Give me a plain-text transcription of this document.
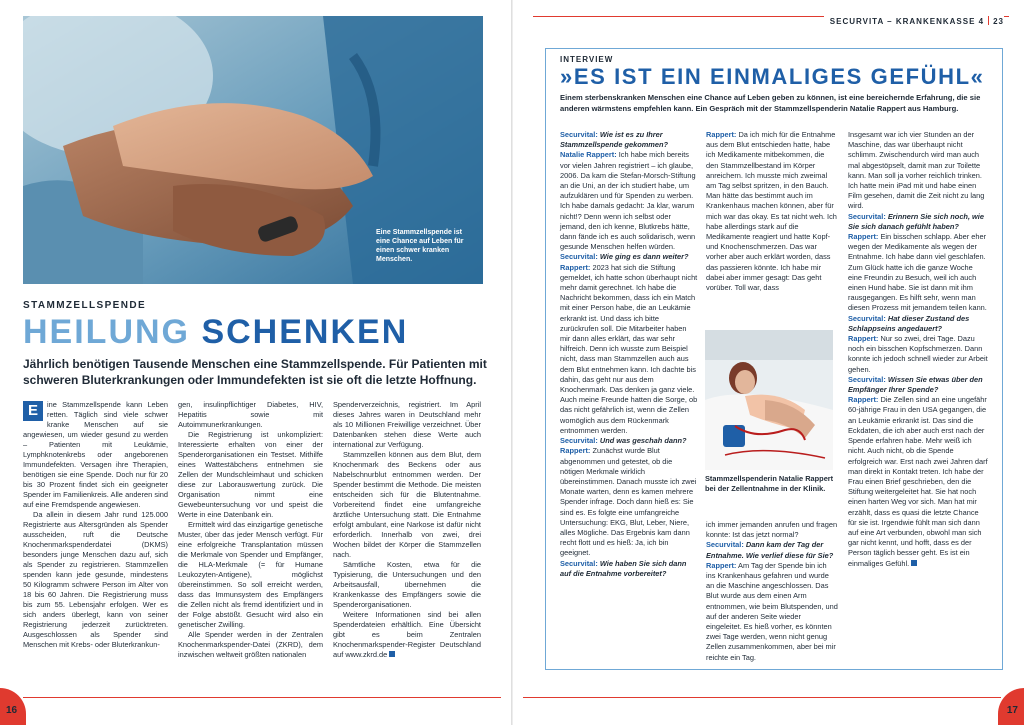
SECURVITA – KRANKENKASSE 4 23
Eine Stammzellspende ist eine Chance auf Leben für einen schwer kranken Menschen.
STAMMZELLSPENDE
HEILUNG SCHENKEN
Jährlich benötigen Tausende Menschen eine Stammzellspende. Für Patienten mit schweren Bluterkrankungen oder Immundefekten ist sie oft die letzte Hoffnung.

E	ine Stammzellspende kann Leben retten. Täglich sind viele schwer kranke Menschen auf sie angewiesen, um wieder gesund zu werden – Patienten mit Leukämie, Lymphknotenkrebs oder angeborenen Immundefekten. Versagen ihre Therapien, benötigen sie eine Spende. Doch nur für 20 bis 30 Prozent findet sich ein geeigneter Spender im Familienkreis. Alle anderen sind auf eine Fremdspende angewiesen.

Da allein in diesem Jahr rund 125.000 Registrierte aus Altersgründen als Spender ausscheiden, ruft die Deutsche Knochenmarkspenderdatei (DKMS) besonders junge Menschen dazu auf, sich als Spender zu registrieren. Stammzellen spenden kann jede gesunde, mindestens 50 Kilogramm schwere Person im Alter von 18 bis 60 Jahren. Die Registrierung muss bis zum 55. Lebensjahr erfolgen. Wer es sich anders überlegt, kann von seiner Registrierung jederzeit zurücktreten. Ausgeschlossen als Spender sind Menschen mit Krebs- oder Bluterkrankun-

gen, insulinpflichtiger Diabetes, HIV, Hepatitis sowie mit Autoimmunerkrankungen.

Die Registrierung ist unkompliziert: Interessierte erhalten von einer der Spenderorganisationen ein Testset. Mithilfe eines Wattestäbchens entnehmen sie Zellen der Mundschleimhaut und schicken diese zur Laborauswertung zurück. Die Organisation nimmt eine Gewebeuntersuchung vor und speist die Werte in eine Datenbank ein.

Ermittelt wird das einzigartige genetische Muster, über das jeder Mensch verfügt. Für eine erfolgreiche Transplantation müssen die Merkmale von Spender und Empfänger, die HLA-Merkmale (= für Humane Leukozyten-Antigene), möglichst übereinstimmen. So soll erreicht werden, dass das Immunsystem des Empfängers die Zellen nicht als fremd identifiziert und in der Folge abstößt. Gesucht wird also ein genetischer Zwilling.

Alle Spender werden in der Zentralen Knochenmarkspender-Datei (ZKRD), dem inzwischen weltweit größten nationalen

Spenderverzeichnis, registriert. Im April dieses Jahres waren in Deutschland mehr als 10 Millionen Freiwillige verzeichnet. Über Datenbanken stehen diese Werte auch international zur Verfügung.

Stammzellen können aus dem Blut, dem Knochenmark des Beckens oder aus Nabelschnurblut entnommen werden. Der Spender bestimmt die Methode. Die meisten entscheiden sich für die Blutentnahme. Vorbereitend findet eine umfangreiche ärztliche Untersuchung statt. Die Entnahme erfolgt ambulant, eine Narkose ist dafür nicht erforderlich. Innerhalb von zwei, drei Wochen bildet der Körper die Stammzellen nach.

Sämtliche Kosten, etwa für die Typisierung, die Untersuchungen und den Arbeitsausfall, übernehmen die Krankenkasse des Empfängers sowie die Spenderorganisationen.

Weitere Informationen sind bei allen Spenderdateien erhältlich. Eine Übersicht gibt es beim Zentralen Knochenmarkspender-Register Deutschland auf www.zkrd.de

INTERVIEW
»ES IST EIN EINMALIGES GEFÜHL«
Einem sterbenskranken Menschen eine Chance auf Leben geben zu können, ist eine bereichernde Erfahrung, die sie anderen wärmstens empfehlen kann. Ein Gespräch mit der Stammzellspenderin Natalie Rappert aus Hamburg.

Securvital: Wie ist es zu Ihrer Stammzellspende gekommen?

Natalie Rappert: Ich habe mich bereits vor vielen Jahren registriert – ich glaube, 2006. Da kam die Stefan-Morsch-Stiftung an die Uni, an der ich studiert habe, um aufzuklären und für Spenden zu werben. Ich habe damals gedacht: Ja klar, warum nicht!? Denn wenn ich selbst oder jemand, den ich kenne, Blutkrebs hätte, dann fände ich es auch solidarisch, wenn gesunde Menschen helfen würden.

Securvital: Wie ging es dann weiter?

Rappert: 2023 hat sich die Stiftung gemeldet, ich hatte schon überhaupt nicht mehr damit gerechnet. Ich habe die Nachricht bekommen, dass ich ein Match mit einer Person habe, die an Leukämie erkrankt ist. Und dass ich bitte zurückrufen soll. Die Mitarbeiter haben mir dann alles erklärt, das war sehr hilfreich. Denn ich wusste zum Beispiel nicht, dass man Stammzellen auch aus dem Blut entnehmen kann. Ich dachte bis dahin, das geht nur aus dem Knochenmark. Das denken ja ganz viele. Auch meine Freunde hatten die Sorge, ob das nicht gefährlich ist, wenn die Zellen womöglich aus dem Rückenmark entnommen werden.

Securvital: Und was geschah dann?

Rappert: Zunächst wurde Blut abgenommen und getestet, ob die nötigen Merkmale wirklich übereinstimmen. Danach musste ich zwei Monate warten, denn es kamen mehrere Spender infrage. Doch dann hieß es: Sie sind es. Es folgte eine umfangreiche Untersuchung: EKG, Blut, Leber, Niere, alles Mögliche. Das Ergebnis kam dann recht flott und es hieß: Ja, ich bin geeignet.

Securvital: Wie haben Sie sich dann auf die Entnahme vorbereitet?

Rappert: Da ich mich für die Entnahme aus dem Blut entschieden hatte, habe ich Medikamente mitbekommen, die den Stammzellbestand im Körper anreichern. Ich musste mich zweimal am Tag selbst spritzen, in den Bauch. Man hätte das bestimmt auch im Krankenhaus machen können, aber für mich war das okay. Es tat nicht weh. Ich habe allerdings stark auf die Medikamente reagiert und hatte Kopf- und Knochenschmerzen. Das war vorher aber auch erklärt worden, dass das passieren könnte. Ich habe mir dabei aber immer gesagt: Das geht vorüber. Toll war, dass

Stammzellspenderin Natalie Rappert bei der Zellentnahme in der Klinik.

ich immer jemanden anrufen und fragen konnte: Ist das jetzt normal?

Securvital: Dann kam der Tag der Entnahme. Wie verlief diese für Sie?

Rappert: Am Tag der Spende bin ich ins Krankenhaus gefahren und wurde an die Maschine angeschlossen. Das Blut wurde aus dem einen Arm entnommen, wie beim Blutspenden, und auf der anderen Seite wieder eingeleitet. Es hieß vorher, es könnten zwei Tage werden, wenn nicht genug Zellen zusammenkommen, aber bei mir reichte ein Tag.

Insgesamt war ich vier Stunden an der Maschine, das war überhaupt nicht schlimm. Zwischendurch wird man auch mal abgestöpselt, damit man zur Toilette kann. Man soll ja vorher reichlich trinken. Ich hatte mein iPad mit und habe einen Film gesehen, damit die Zeit nicht zu lang wird.

Securvital: Erinnern Sie sich noch, wie Sie sich danach gefühlt haben?

Rappert: Ein bisschen schlapp. Aber eher wegen der Medikamente als wegen der Entnahme. Ich habe dann viel geschlafen. Zum Glück hatte ich die ganze Woche eine Freundin zu Besuch, weil ich auch einen Hund habe. Sie ist dann mit ihm rausgegangen. Es hilft sehr, wenn man diesen Prozess mit jemandem teilen kann.

Securvital: Hat dieser Zustand des Schlappseins angedauert?

Rappert: Nur so zwei, drei Tage. Dazu noch ein bisschen Kopfschmerzen. Dann konnte ich jedoch schnell wieder zur Arbeit gehen.

Securvital: Wissen Sie etwas über den Empfänger Ihrer Spende?

Rappert: Die Zellen sind an eine ungefähr 60-jährige Frau in den USA gegangen, die an Leukämie erkrankt ist. Das sind die Eckdaten, die ich aber auch erst nach der Spende erfahren habe. Mehr weiß ich nicht. Auch nicht, ob die Spende erfolgreich war. Erst nach zwei Jahren darf man direkt in Kontakt treten. Ich habe der Frau einen Brief geschrieben, den die Stiftung weitergeleitet hat. Sie hat noch einen harten Weg vor sich. Man hat mir erzählt, dass es quasi die letzte Chance für sie ist. Irgendwie fühlt man sich dann auf eine Art verbunden, obwohl man sich gar nicht kennt, und hofft, dass es der Person täglich besser geht. Es ist ein einmaliges Gefühl.

16	17
